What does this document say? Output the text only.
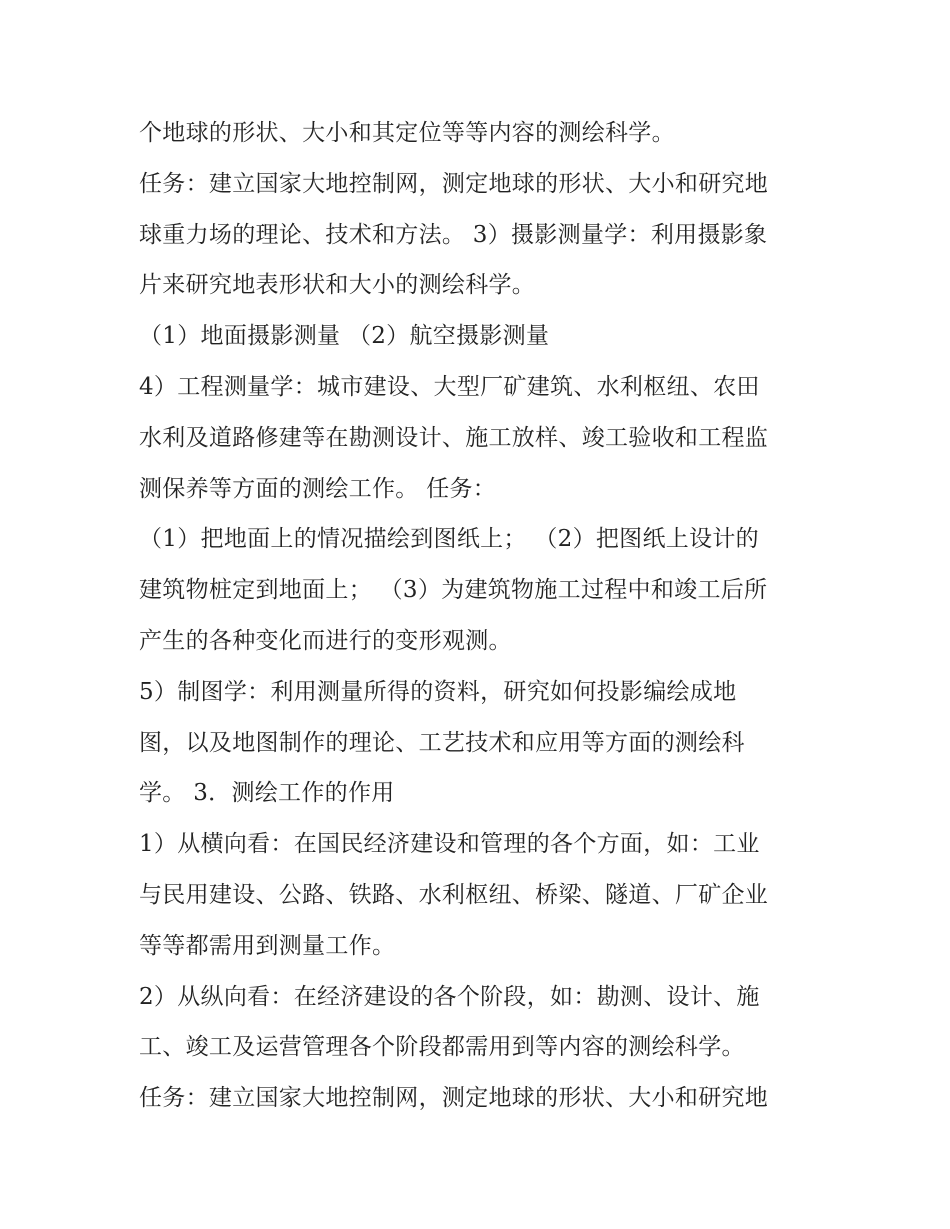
个地球的形状、大小和其定位等等内容的测绘科学。
任务：建立国家大地控制网，测定地球的形状、大小和研究地
球重力场的理论、技术和方法。 3）摄影测量学：利用摄影象
片来研究地表形状和大小的测绘科学。
（1）地面摄影测量 （2）航空摄影测量
4）工程测量学：城市建设、大型厂矿建筑、水利枢纽、农田
水利及道路修建等在勘测设计、施工放样、竣工验收和工程监
测保养等方面的测绘工作。 任务：
（1）把地面上的情况描绘到图纸上； （2）把图纸上设计的
建筑物桩定到地面上； （3）为建筑物施工过程中和竣工后所
产生的各种变化而进行的变形观测。
5）制图学：利用测量所得的资料，研究如何投影编绘成地
图，以及地图制作的理论、工艺技术和应用等方面的测绘科
学。 3．测绘工作的作用
1）从横向看：在国民经济建设和管理的各个方面，如：工业
与民用建设、公路、铁路、水利枢纽、桥梁、隧道、厂矿企业
等等都需用到测量工作。
2）从纵向看：在经济建设的各个阶段，如：勘测、设计、施
工、竣工及运营管理各个阶段都需用到等内容的测绘科学。
任务：建立国家大地控制网，测定地球的形状、大小和研究地
